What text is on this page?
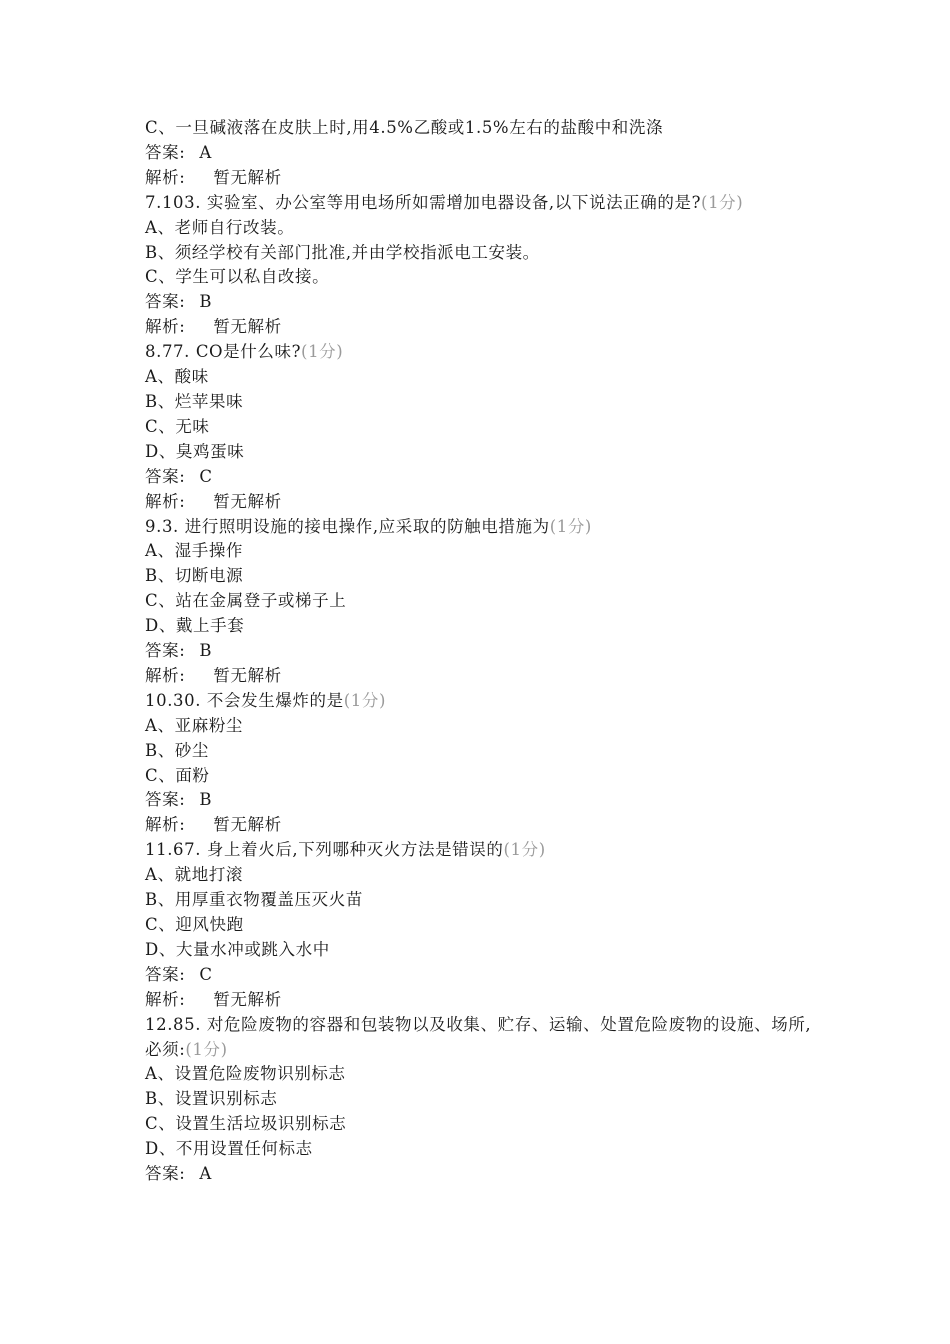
C、一旦碱液落在皮肤上时,用4.5%乙酸或1.5%左右的盐酸中和洗涤
答案: A
解析: 暂无解析
7.103. 实验室、办公室等用电场所如需增加电器设备,以下说法正确的是?(1分)
A、老师自行改装。
B、须经学校有关部门批准,并由学校指派电工安装。
C、学生可以私自改接。
答案: B
解析: 暂无解析
8.77. CO是什么味?(1分)
A、酸味
B、烂苹果味
C、无味
D、臭鸡蛋味
答案: C
解析: 暂无解析
9.3. 进行照明设施的接电操作,应采取的防触电措施为(1分)
A、湿手操作
B、切断电源
C、站在金属登子或梯子上
D、戴上手套
答案: B
解析: 暂无解析
10.30. 不会发生爆炸的是(1分)
A、亚麻粉尘
B、砂尘
C、面粉
答案: B
解析: 暂无解析
11.67. 身上着火后,下列哪种灭火方法是错误的(1分)
A、就地打滚
B、用厚重衣物覆盖压灭火苗
C、迎风快跑
D、大量水冲或跳入水中
答案: C
解析: 暂无解析
12.85. 对危险废物的容器和包装物以及收集、贮存、运输、处置危险废物的设施、场所,必须:(1分)
A、设置危险废物识别标志
B、设置识别标志
C、设置生活垃圾识别标志
D、不用设置任何标志
答案: A
